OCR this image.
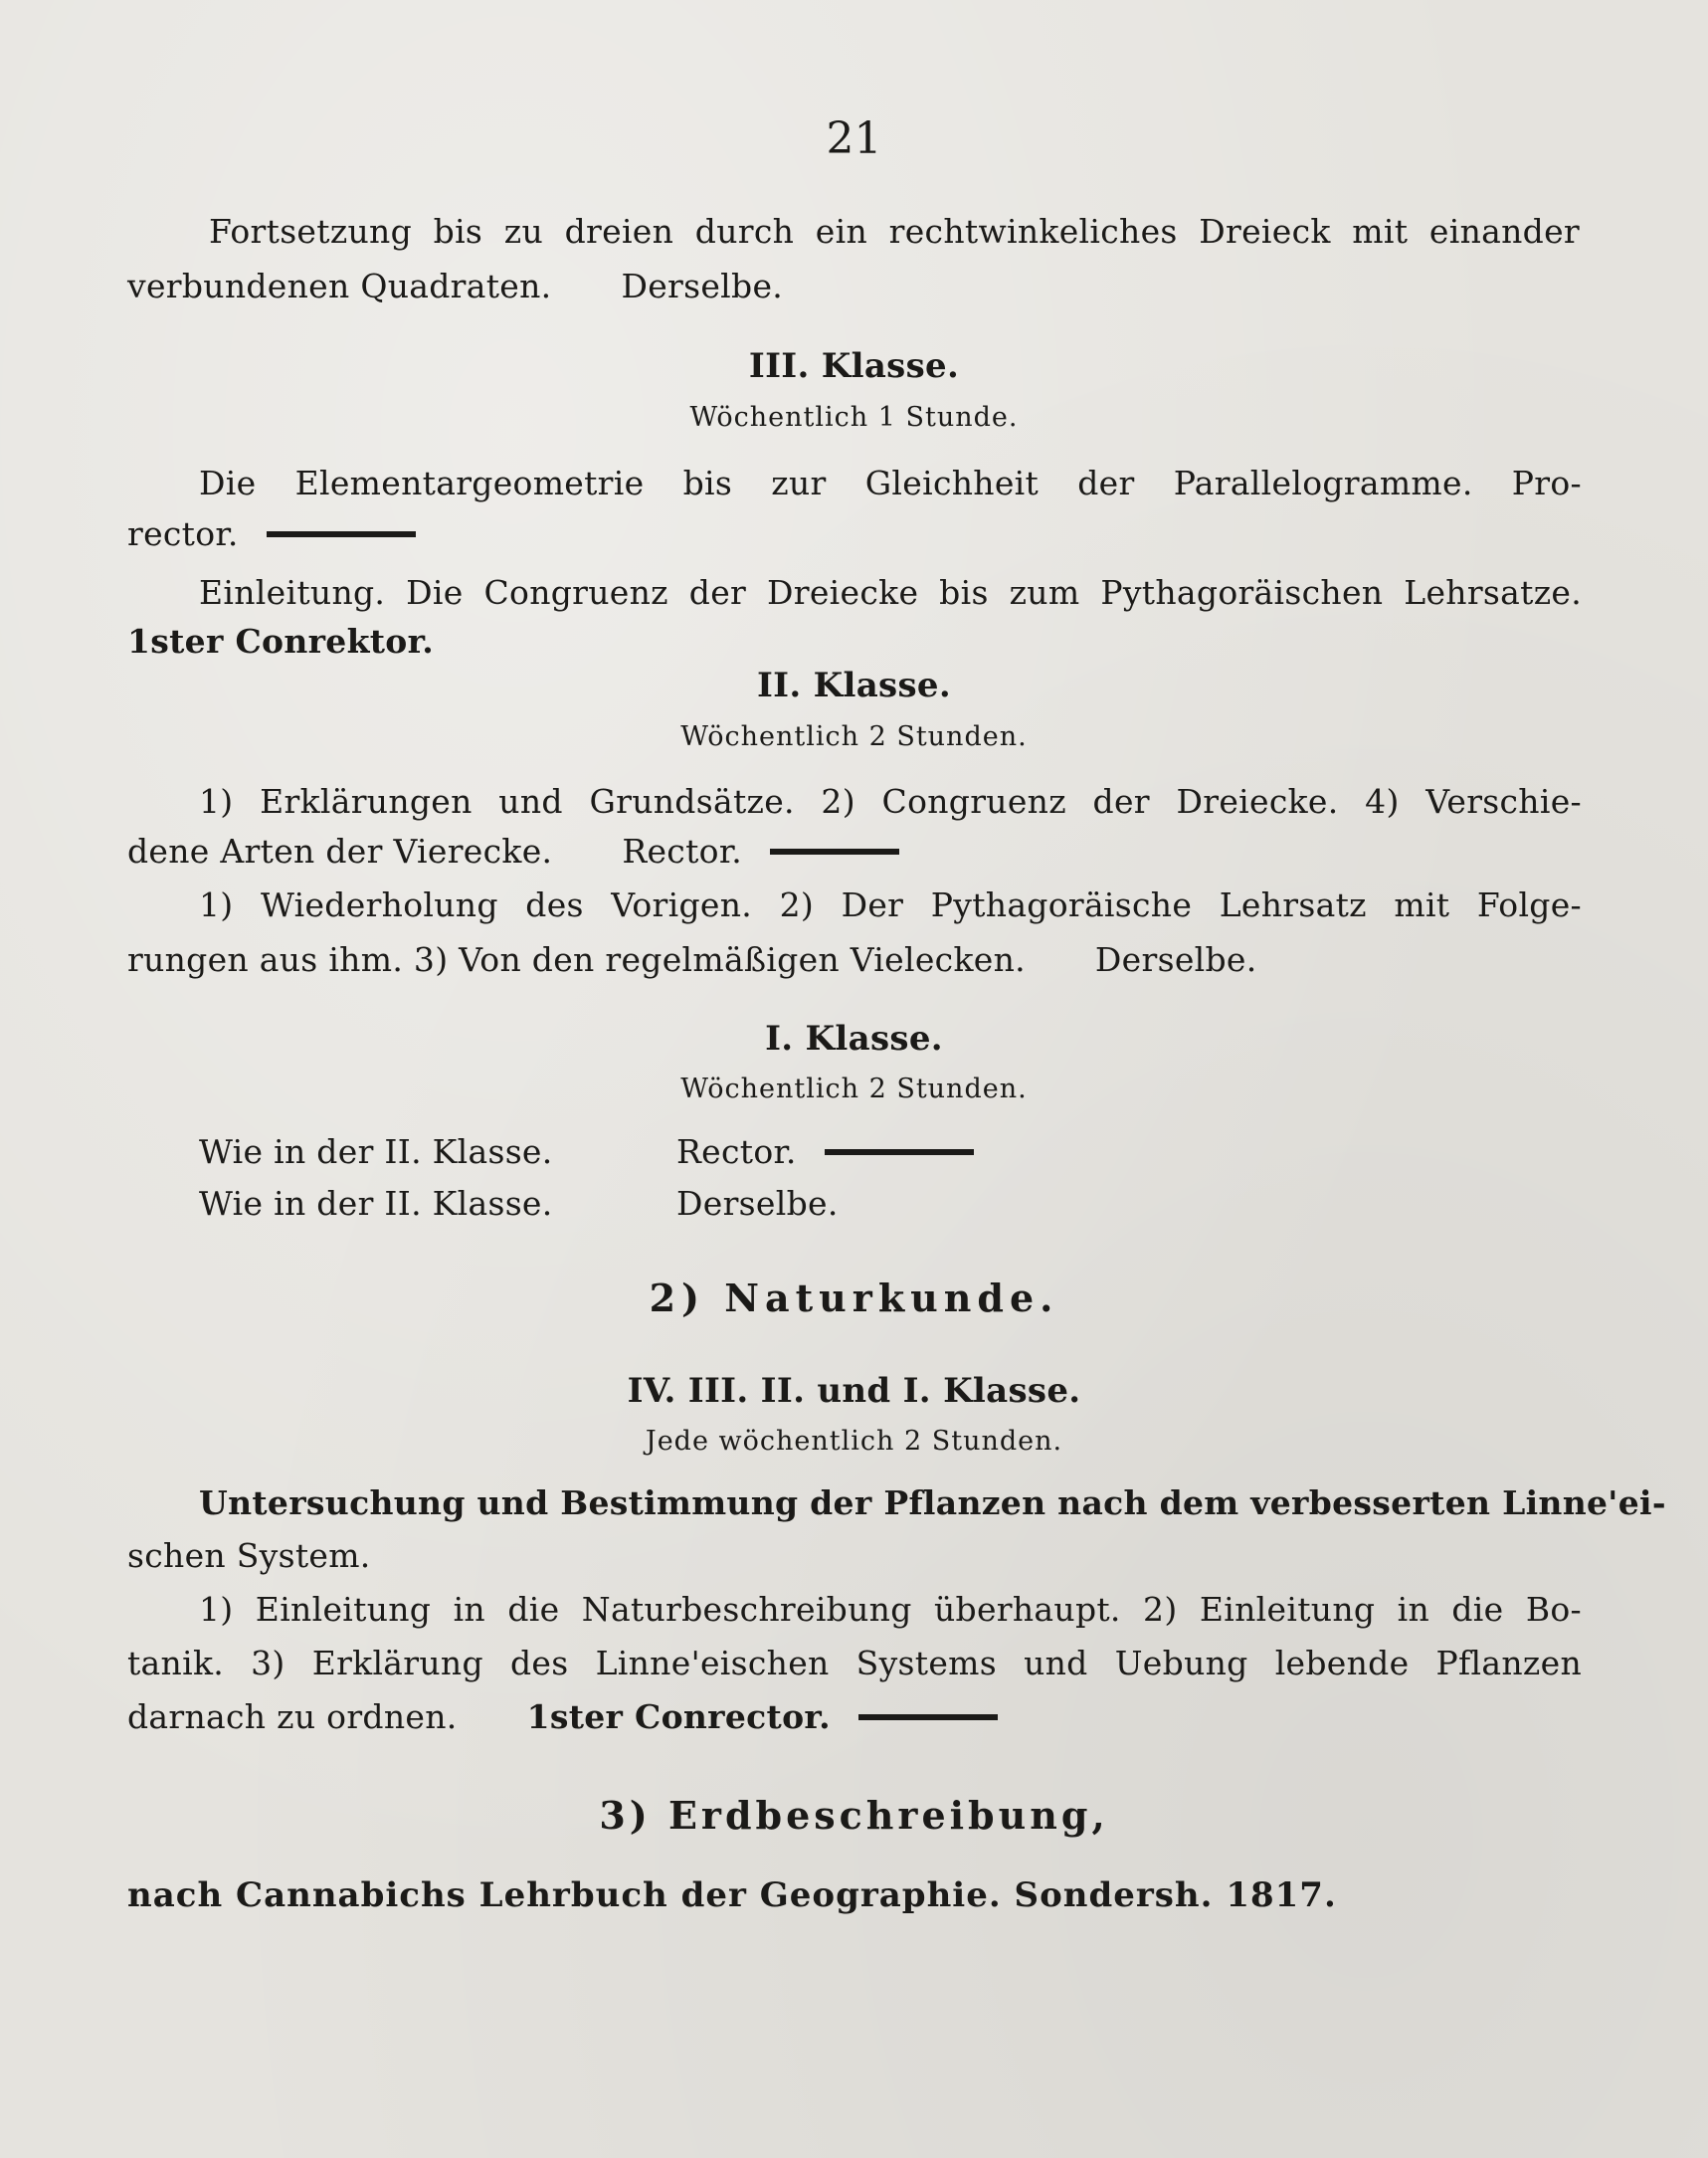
21
Fortsetzung bis zu dreien durch ein rechtwinkeliches Dreieck mit einander
verbundenen Quadraten. Derselbe.
III. Klasse.
Wöchentlich 1 Stunde.
Die Elementargeometrie bis zur Gleichheit der Parallelogramme. Pro-
rector.
Einleitung. Die Congruenz der Dreiecke bis zum Pythagoräischen Lehrsatze.
1ster Conrektor.
II. Klasse.
Wöchentlich 2 Stunden.
1) Erklärungen und Grundsätze. 2) Congruenz der Dreiecke. 4) Verschie-
dene Arten der Vierecke. Rector.
1) Wiederholung des Vorigen. 2) Der Pythagoräische Lehrsatz mit Folge-
rungen aus ihm. 3) Von den regelmäßigen Vielecken. Derselbe.
I. Klasse.
Wöchentlich 2 Stunden.
Wie in der II. Klasse.	Rector.
Wie in der II. Klasse.	Derselbe.
2) Naturkunde.
IV. III. II. und I. Klasse.
Jede wöchentlich 2 Stunden.
Untersuchung und Bestimmung der Pflanzen nach dem verbesserten Linne'ei-
schen System.
1) Einleitung in die Naturbeschreibung überhaupt. 2) Einleitung in die Bo-
tanik. 3) Erklärung des Linne'eischen Systems und Uebung lebende Pflanzen
darnach zu ordnen. 1ster Conrector.
3) Erdbeschreibung,
nach Cannabichs Lehrbuch der Geographie. Sondersh. 1817.
